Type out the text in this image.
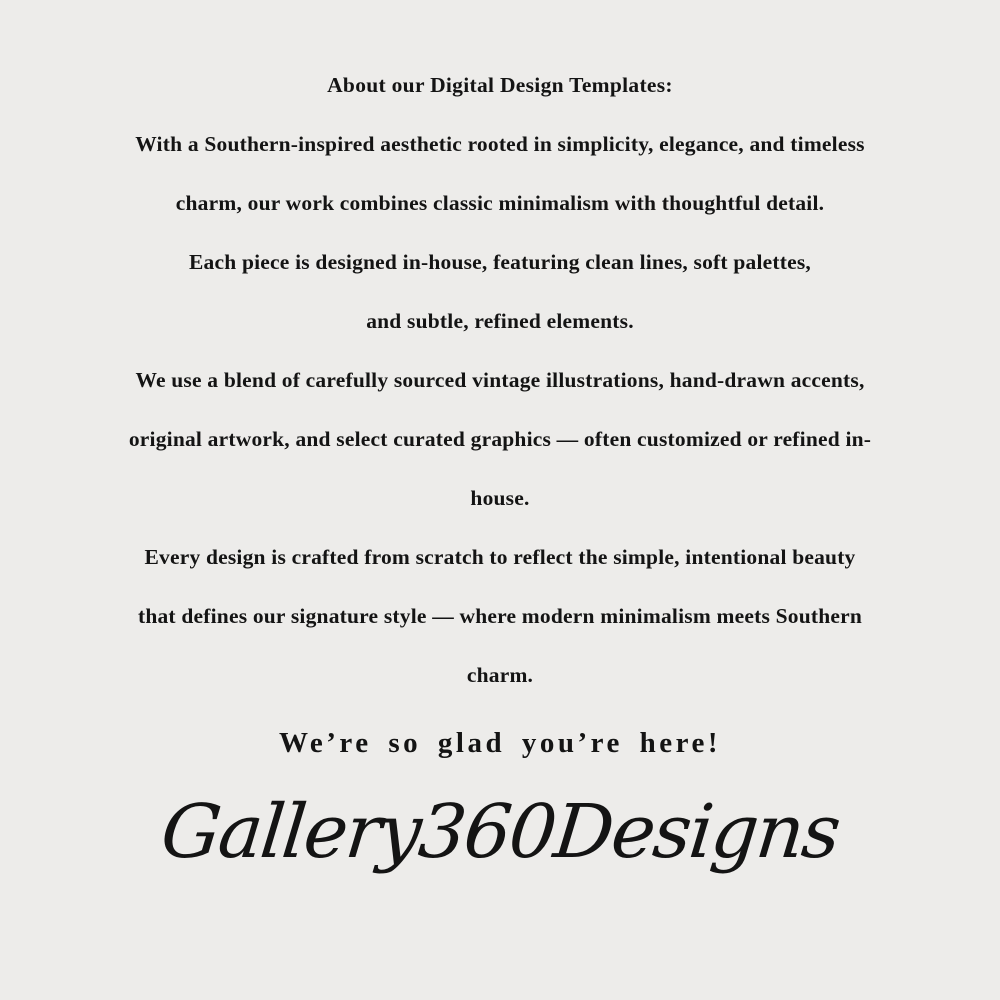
About our Digital Design Templates:
With a Southern-inspired aesthetic rooted in simplicity, elegance, and timeless
charm, our work combines classic minimalism with thoughtful detail.
Each piece is designed in-house, featuring clean lines, soft palettes,
and subtle, refined elements.
We use a blend of carefully sourced vintage illustrations, hand-drawn accents,
original artwork, and select curated graphics — often customized or refined in-
house.
Every design is crafted from scratch to reflect the simple, intentional beauty
that defines our signature style — where modern minimalism meets Southern
charm.
We’re so glad you’re here!
Gallery360Designs
